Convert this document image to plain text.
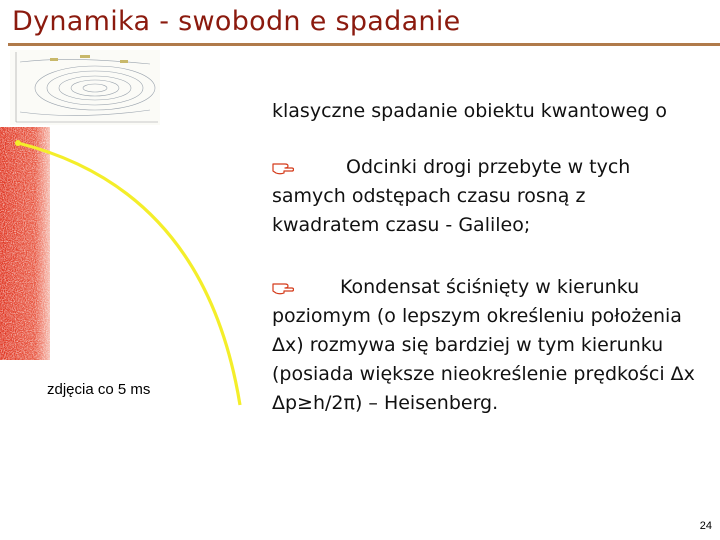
Dynamika - swobodn e spadanie
zdjęcia co 5 ms
klasyczne spadanie obiektu kwantoweg o
Odcinki drogi przebyte w tych samych odstępach czasu rosną z kwadratem czasu - Galileo;
Kondensat ściśnięty w kierunku poziomym (o lepszym określeniu położenia Δx) rozmywa się bardziej w tym kierunku (posiada większe nieokreślenie prędkości Δx Δp≥h/2π) – Heisenberg.
24
